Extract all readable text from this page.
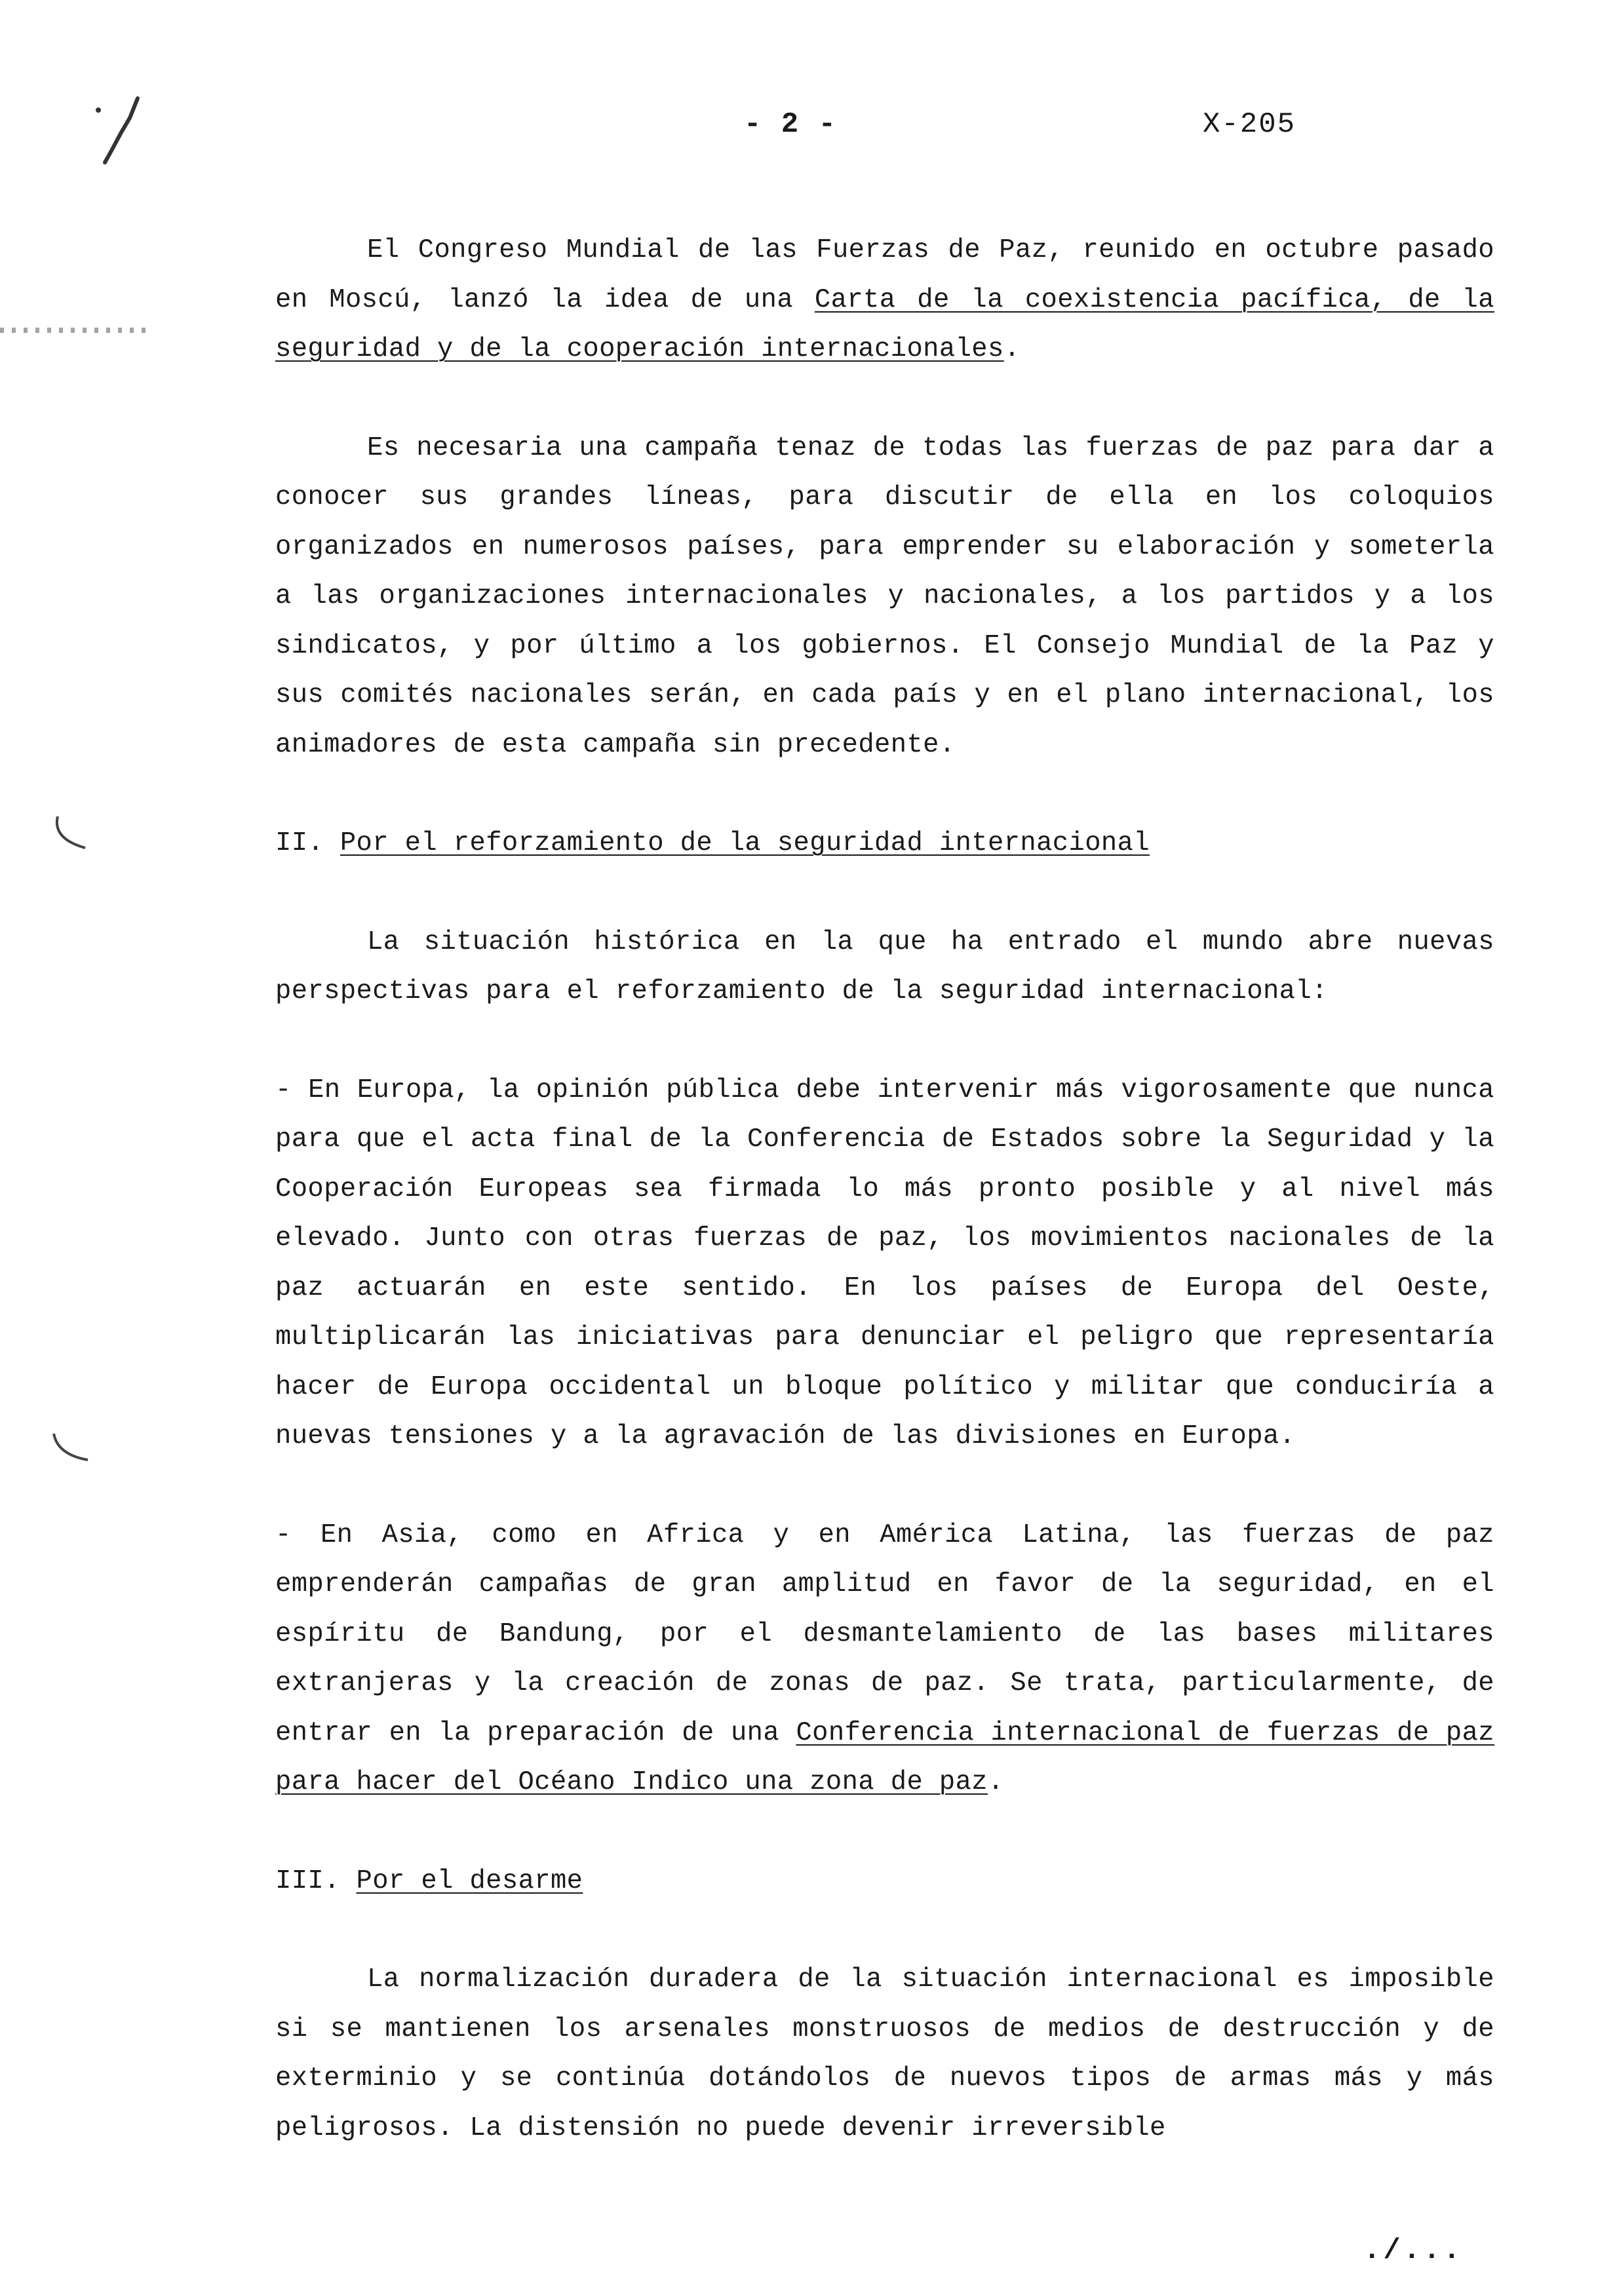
- 2 -	X-205

El Congreso Mundial de las Fuerzas de Paz, reunido en octubre pasado en Moscú, lanzó la idea de una Carta de la coexistencia pacífica, de la seguridad y de la cooperación internacionales.

Es necesaria una campaña tenaz de todas las fuerzas de paz para dar a conocer sus grandes líneas, para discutir de ella en los coloquios organizados en numerosos países, para emprender su elaboración y someterla a las organizaciones internacionales y nacionales, a los partidos y a los sindicatos, y por último a los gobiernos. El Consejo Mundial de la Paz y sus comités nacionales serán, en cada país y en el plano internacional, los animadores de esta campaña sin precedente.

II. Por el reforzamiento de la seguridad internacional

La situación histórica en la que ha entrado el mundo abre nuevas perspectivas para el reforzamiento de la seguridad internacional:

- En Europa, la opinión pública debe intervenir más vigorosamente que nunca para que el acta final de la Conferencia de Estados sobre la Seguridad y la Cooperación Europeas sea firmada lo más pronto posible y al nivel más elevado. Junto con otras fuerzas de paz, los movimientos nacionales de la paz actuarán en este sentido. En los países de Europa del Oeste, multiplicarán las iniciativas para denunciar el peligro que representaría hacer de Europa occidental un bloque político y militar que conduciría a nuevas tensiones y a la agravación de las divisiones en Europa.

- En Asia, como en Africa y en América Latina, las fuerzas de paz emprenderán campañas de gran amplitud en favor de la seguridad, en el espíritu de Bandung, por el desmantelamiento de las bases militares extranjeras y la creación de zonas de paz. Se trata, particularmente, de entrar en la preparación de una Conferencia internacional de fuerzas de paz para hacer del Océano Indico una zona de paz.

III. Por el desarme

La normalización duradera de la situación internacional es imposible si se mantienen los arsenales monstruosos de medios de destrucción y de exterminio y se continúa dotándolos de nuevos tipos de armas más y más peligrosos. La distensión no puede devenir irreversible

./...
